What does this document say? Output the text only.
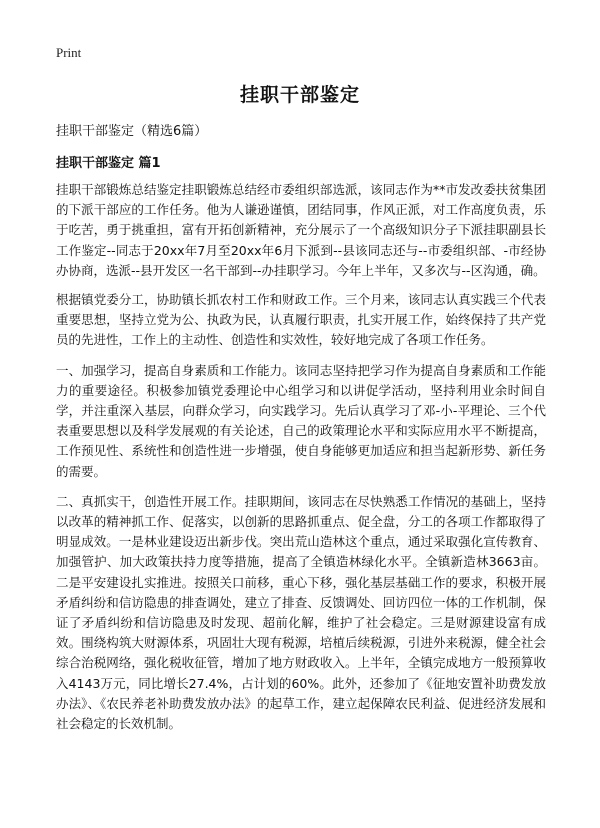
Print
挂职干部鉴定

挂职干部鉴定（精选6篇）

挂职干部鉴定 篇1

挂职干部锻炼总结鉴定挂职锻炼总结经市委组织部选派，该同志作为**市发改委扶贫集团的下派干部应的工作任务。他为人谦逊谨慎，团结同事，作风正派，对工作高度负责，乐于吃苦，勇于挑重担，富有开拓创新精神，充分展示了一个高级知识分子下派挂职副县长工作鉴定--同志于20xx年7月至20xx年6月下派到--县该同志还与--市委组织部、-市经协办协商，选派--县开发区一名干部到--办挂职学习。今年上半年，又多次与--区沟通，确。

根据镇党委分工，协助镇长抓农村工作和财政工作。三个月来，该同志认真实践三个代表重要思想，坚持立党为公、执政为民，认真履行职责，扎实开展工作，始终保持了共产党员的先进性，工作上的主动性、创造性和实效性，较好地完成了各项工作任务。

一、加强学习，提高自身素质和工作能力。该同志坚持把学习作为提高自身素质和工作能力的重要途径。积极参加镇党委理论中心组学习和以讲促学活动，坚持利用业余时间自学，并注重深入基层，向群众学习，向实践学习。先后认真学习了邓-小-平理论、三个代表重要思想以及科学发展观的有关论述，自己的政策理论水平和实际应用水平不断提高，工作预见性、系统性和创造性进一步增强，使自身能够更加适应和担当起新形势、新任务的需要。

二、真抓实干，创造性开展工作。挂职期间，该同志在尽快熟悉工作情况的基础上，坚持以改革的精神抓工作、促落实，以创新的思路抓重点、促全盘，分工的各项工作都取得了明显成效。一是林业建设迈出新步伐。突出荒山造林这个重点，通过采取强化宣传教育、加强管护、加大政策扶持力度等措施，提高了全镇造林绿化水平。全镇新造林3663亩。二是平安建设扎实推进。按照关口前移，重心下移，强化基层基础工作的要求，积极开展矛盾纠纷和信访隐患的排查调处，建立了排查、反馈调处、回访四位一体的工作机制，保证了矛盾纠纷和信访隐患及时发现、超前化解，维护了社会稳定。三是财源建设富有成效。围绕构筑大财源体系，巩固壮大现有税源，培植后续税源，引进外来税源，健全社会综合治税网络，强化税收征管，增加了地方财政收入。上半年，全镇完成地方一般预算收入4143万元，同比增长27.4%，占计划的60%。此外，还参加了《征地安置补助费发放办法》、《农民养老补助费发放办法》的起草工作，建立起保障农民利益、促进经济发展和社会稳定的长效机制。
